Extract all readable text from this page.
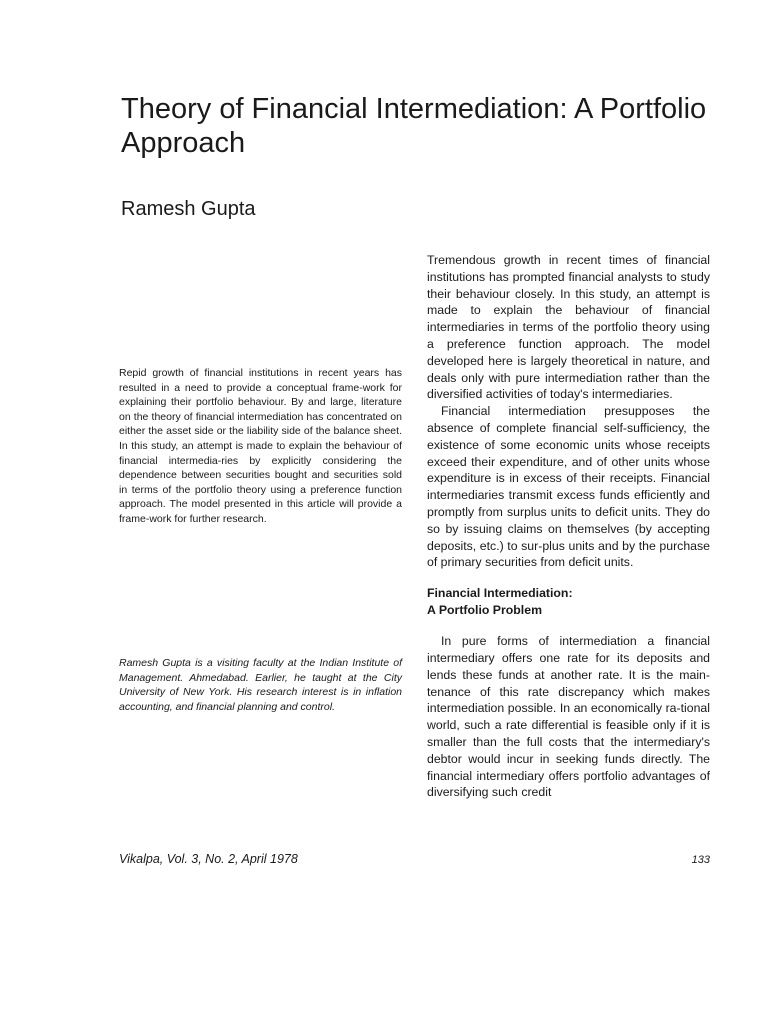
Theory of Financial Intermediation: A Portfolio Approach
Ramesh Gupta

Repid growth of financial institutions in recent years has resulted in a need to provide a conceptual frame-work for explaining their portfolio behaviour. By and large, literature on the theory of financial intermediation has concentrated on either the asset side or the liability side of the balance sheet. In this study, an attempt is made to explain the behaviour of financial intermedia-ries by explicitly considering the dependence between securities bought and securities sold in terms of the portfolio theory using a preference function approach. The model presented in this article will provide a frame-work for further research.

Ramesh Gupta is a visiting faculty at the Indian Institute of Management. Ahmedabad. Earlier, he taught at the City University of New York. His research interest is in inflation accounting, and financial planning and control.

Tremendous growth in recent times of financial institutions has prompted financial analysts to study their behaviour closely. In this study, an attempt is made to explain the behaviour of financial intermediaries in terms of the portfolio theory using a preference function approach. The model developed here is largely theoretical in nature, and deals only with pure intermediation rather than the diversified activities of today's intermediaries.

Financial intermediation presupposes the absence of complete financial self-sufficiency, the existence of some economic units whose receipts exceed their expenditure, and of other units whose expenditure is in excess of their receipts. Financial intermediaries transmit excess funds efficiently and promptly from surplus units to deficit units. They do so by issuing claims on themselves (by accepting deposits, etc.) to sur-plus units and by the purchase of primary securities from deficit units.

Financial Intermediation:
A Portfolio Problem

In pure forms of intermediation a financial intermediary offers one rate for its deposits and lends these funds at another rate. It is the main-tenance of this rate discrepancy which makes intermediation possible. In an economically ra-tional world, such a rate differential is feasible only if it is smaller than the full costs that the intermediary's debtor would incur in seeking funds directly. The financial intermediary offers portfolio advantages of diversifying such credit

Vikalpa, Vol. 3, No. 2, April 1978	133
